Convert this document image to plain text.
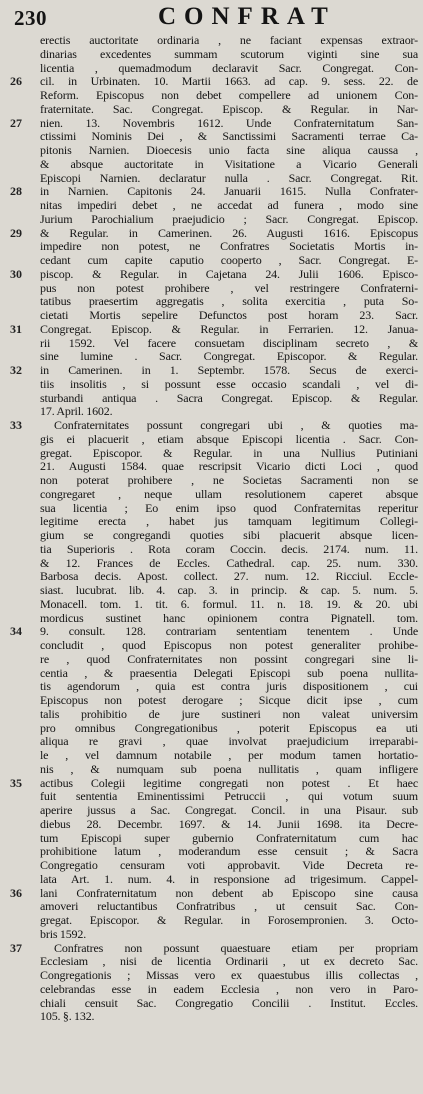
230	CONFRAT
erectis auctoritate ordinaria , ne faciant expensas extraor-
dinarias excedentes summam scutorum viginti sine sua
licentia , quemadmodum declaravit Sacr. Congregat. Con-
26	cil. in Urbinaten. 10. Martii 1663. ad cap. 9. sess. 22. de
Reform. Episcopus non debet compellere ad unionem Con-
fraternitate. Sac. Congregat. Episcop. & Regular. in Nar-
27	nien. 13. Novembris 1612. Unde Confraternitatum San-
ctissimi Nominis Dei , & Sanctissimi Sacramenti terrae Ca-
pitonis Narnien. Dioecesis unio facta sine aliqua caussa ,
& absque auctoritate in Visitatione a Vicario Generali
Episcopi Narnien. declaratur nulla . Sacr. Congregat. Rit.
28	in Narnien. Capitonis 24. Januarii 1615. Nulla Confrater-
nitas impediri debet , ne accedat ad funera , modo sine
Jurium Parochialium praejudicio ; Sacr. Congregat. Episcop.
29	& Regular. in Camerinen. 26. Augusti 1616. Episcopus
impedire non potest, ne Confratres Societatis Mortis in-
cedant cum capite caputio cooperto , Sacr. Congregat. E-
30	piscop. & Regular. in Cajetana 24. Julii 1606. Episco-
pus non potest prohibere , vel restringere Confraterni-
tatibus praesertim aggregatis , solita exercitia , puta So-
cietati Mortis sepelire Defunctos post horam 23. Sacr.
31	Congregat. Episcop. & Regular. in Ferrarien. 12. Janua-
rii 1592. Vel facere consuetam disciplinam secreto , &
sine lumine . Sacr. Congregat. Episcopor. & Regular.
32	in Camerinen. in 1. Septembr. 1578. Secus de exerci-
tiis insolitis , si possunt esse occasio scandali , vel di-
sturbandi antiqua . Sacra Congregat. Episcop. & Regular.
17. April. 1602.
33	Confraternitates possunt congregari ubi , & quoties ma-
gis ei placuerit , etiam absque Episcopi licentia . Sacr. Con-
gregat. Episcopor. & Regular. in una Nullius Putiniani
21. Augusti 1584. quae rescripsit Vicario dicti Loci , quod
non poterat prohibere , ne Societas Sacramenti non se
congregaret , neque ullam resolutionem caperet absque
sua licentia ; Eo enim ipso quod Confraternitas reperitur
legitime erecta , habet jus tamquam legitimum Collegi-
gium se congregandi quoties sibi placuerit absque licen-
tia Superioris . Rota coram Coccin. decis. 2174. num. 11.
& 12. Frances de Eccles. Cathedral. cap. 25. num. 330.
Barbosa decis. Apost. collect. 27. num. 12. Ricciul. Eccle-
siast. lucubrat. lib. 4. cap. 3. in princip. & cap. 5. num. 5.
Monacell. tom. 1. tit. 6. formul. 11. n. 18. 19. & 20. ubi
mordicus sustinet hanc opinionem contra Pignatell. tom.
34	9. consult. 128. contrariam sententiam tenentem . Unde
concludit , quod Episcopus non potest generaliter prohibe-
re , quod Confraternitates non possint congregari sine li-
centia , & praesentia Delegati Episcopi sub poena nullita-
tis agendorum , quia est contra juris dispositionem , cui
Episcopus non potest derogare ; Sicque dicit ipse , cum
talis prohibitio de jure sustineri non valeat universim
pro omnibus Congregationibus , poterit Episcopus ea uti
aliqua re gravi , quae involvat praejudicium irreparabi-
le , vel damnum notabile , per modum tamen hortatio-
nis , & numquam sub poena nullitatis , quam infligere
35	actibus Colegii legitime congregati non potest . Et haec
fuit sententia Eminentissimi Petruccii , qui votum suum
aperire jussus a Sac. Congregat. Concil. in una Pisaur. sub
diebus 28. Decembr. 1697. & 14. Junii 1698. ita Decre-
tum Episcopi super gubernio Confraternitatum cum hac
prohibitione latum , moderandum esse censuit ; & Sacra
Congregatio censuram voti approbavit. Vide Decreta re-
lata Art. 1. num. 4. in responsione ad trigesimum. Cappel-
36	lani Confraternitatum non debent ab Episcopo sine causa
amoveri reluctantibus Confratribus , ut censuit Sac. Con-
gregat. Episcopor. & Regular. in Forosempronien. 3. Octo-
bris 1592.
37	Confratres non possunt quaestuare etiam per propriam
Ecclesiam , nisi de licentia Ordinarii , ut ex decreto Sac.
Congregationis ; Missas vero ex quaestubus illis collectas ,
celebrandas esse in eadem Ecclesia , non vero in Paro-
chiali censuit Sac. Congregatio Concilii . Institut. Eccles.
105. §. 132.
